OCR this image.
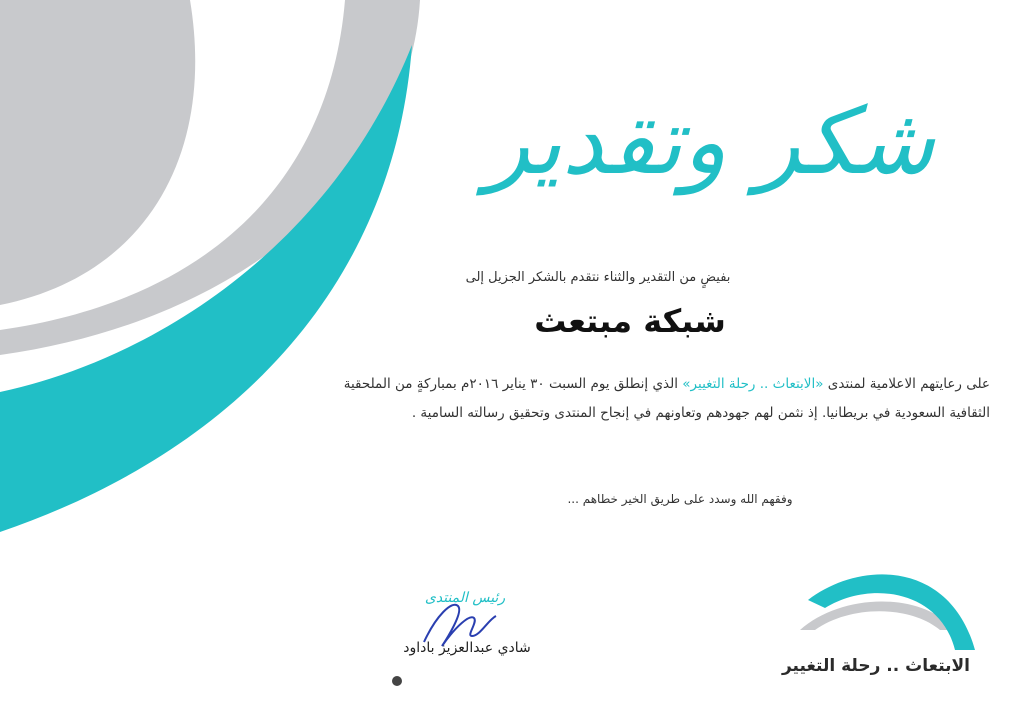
شكر وتقدير
بفيضٍ من التقدير والثناء نتقدم بالشكر الجزيل إلى
شبكة مبتعث
على رعايتهم الاعلامية لمنتدى «الابتعاث .. رحلة التغيير» الذي إنطلق يوم السبت ٣٠ يناير ٢٠١٦م بمباركةٍ من الملحقية الثقافية السعودية في بريطانيا. إذ نثمن لهم جهودهم وتعاونهم في إنجاح المنتدى وتحقيق رسالته السامية .
وفقهم الله وسدد على طريق الخير خطاهم ...
رئيس المنتدى
شادي عبدالعزيز باداود
الابتعاث .. رحلة التغيير
